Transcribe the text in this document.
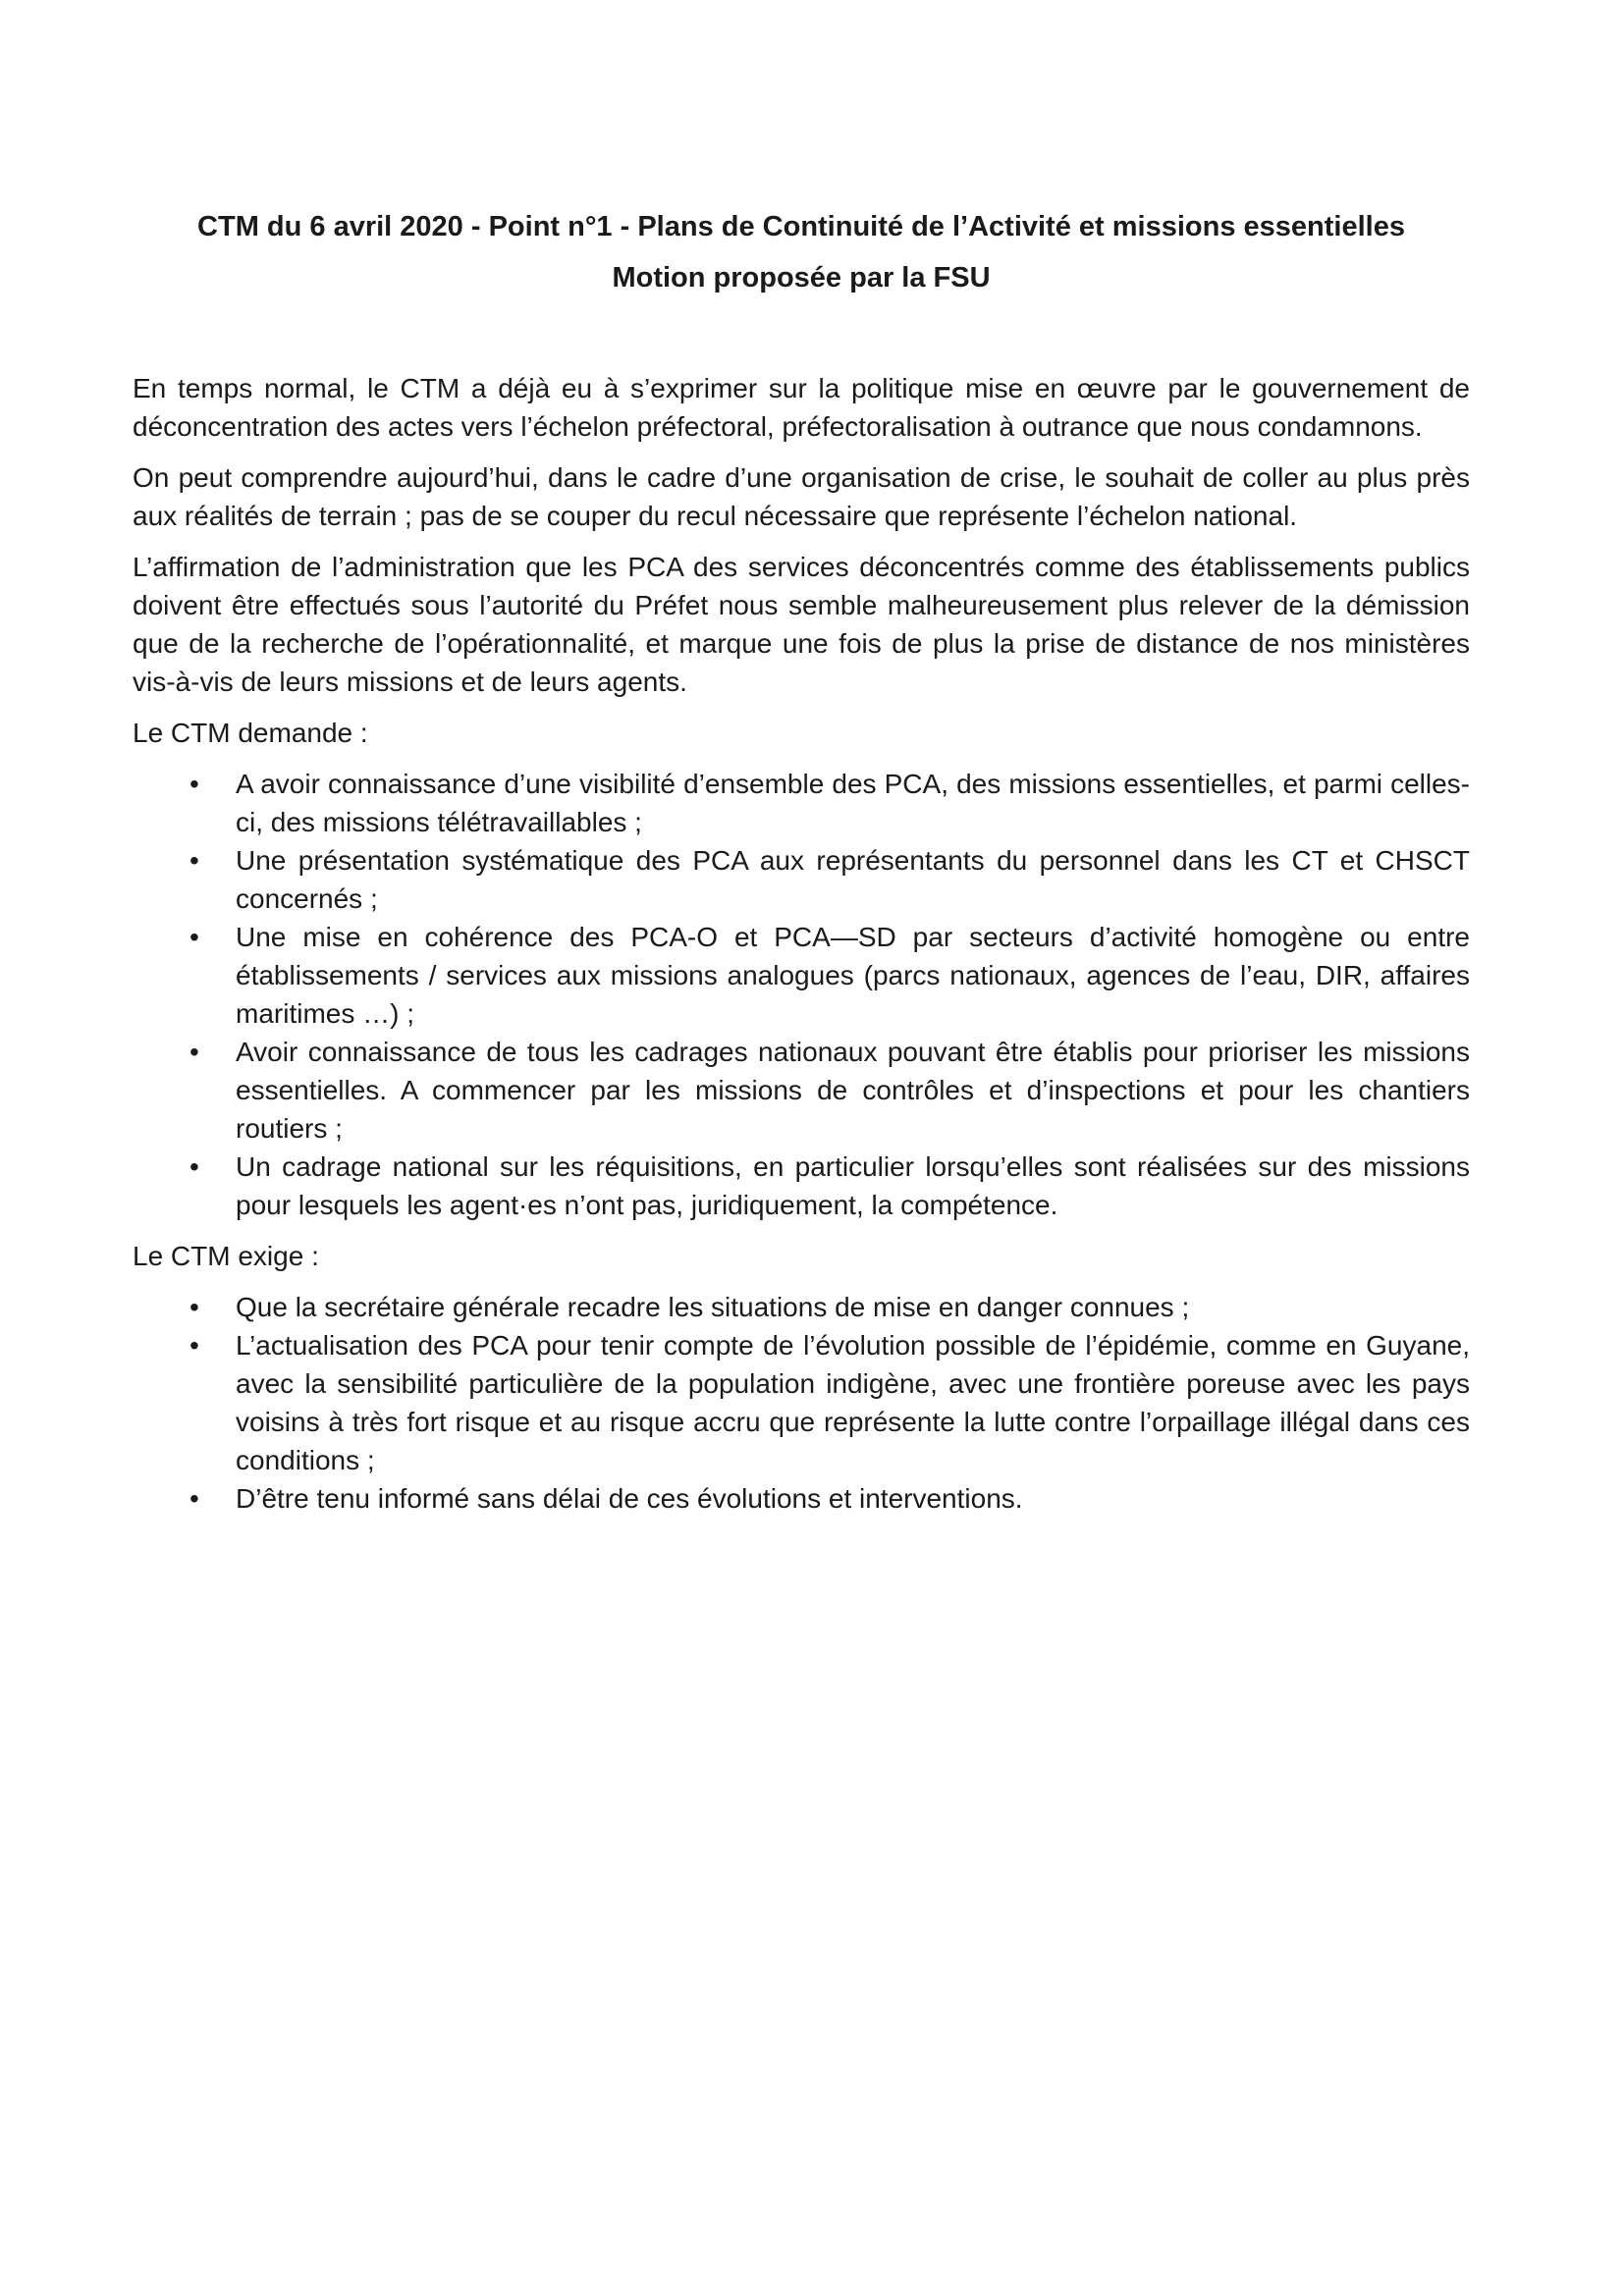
CTM du 6 avril 2020 - Point n°1 - Plans de Continuité de l’Activité et missions essentielles
Motion proposée par la FSU

En temps normal, le CTM a déjà eu à s’exprimer sur la politique mise en œuvre par le gouvernement de déconcentration des actes vers l’échelon préfectoral, préfectoralisation à outrance que nous condamnons.

On peut comprendre aujourd’hui, dans le cadre d’une organisation de crise, le souhait de coller au plus près aux réalités de terrain ; pas de se couper du recul nécessaire que représente l’échelon national.

L’affirmation de l’administration que les PCA des services déconcentrés comme des établissements publics doivent être effectués sous l’autorité du Préfet nous semble malheureusement plus relever de la démission que de la recherche de l’opérationnalité, et marque une fois de plus la prise de distance de nos ministères vis-à-vis de leurs missions et de leurs agents.

Le CTM demande :

• A avoir connaissance d’une visibilité d’ensemble des PCA, des missions essentielles, et parmi celles-ci, des missions télétravaillables ;
• Une présentation systématique des PCA aux représentants du personnel dans les CT et CHSCT concernés ;
• Une mise en cohérence des PCA-O et PCA—SD par secteurs d’activité homogène ou entre établissements / services aux missions analogues (parcs nationaux, agences de l’eau, DIR, affaires maritimes …) ;
• Avoir connaissance de tous les cadrages nationaux pouvant être établis pour prioriser les missions essentielles. A commencer par les missions de contrôles et d’inspections et pour les chantiers routiers ;
• Un cadrage national sur les réquisitions, en particulier lorsqu’elles sont réalisées sur des missions pour lesquels les agent·es n’ont pas, juridiquement, la compétence.

Le CTM exige :

• Que la secrétaire générale recadre les situations de mise en danger connues ;
• L’actualisation des PCA pour tenir compte de l’évolution possible de l’épidémie, comme en Guyane, avec la sensibilité particulière de la population indigène, avec une frontière poreuse avec les pays voisins à très fort risque et au risque accru que représente la lutte contre l’orpaillage illégal dans ces conditions ;
• D’être tenu informé sans délai de ces évolutions et interventions.
